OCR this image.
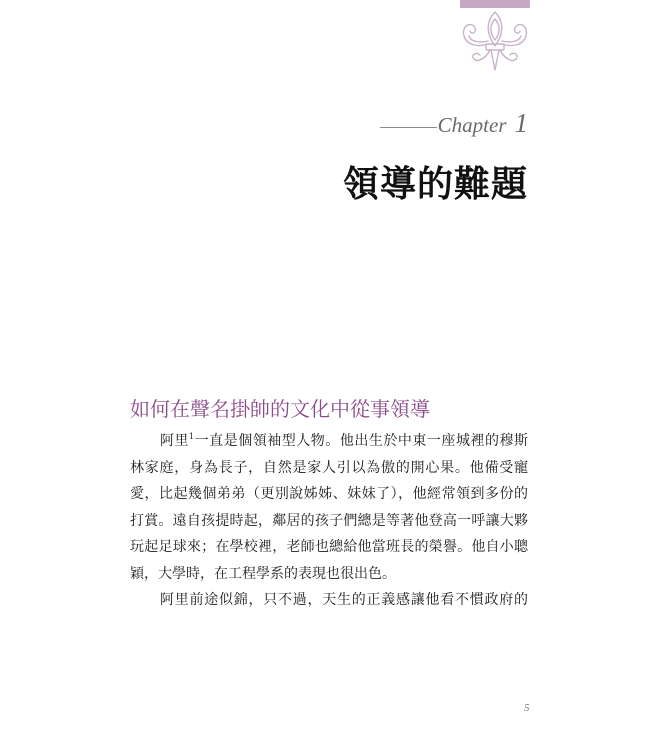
Chapter 1
領導的難題
如何在聲名掛帥的文化中從事領導
阿里$^1$一直是個領袖型人物。他出生於中東一座城裡的穆斯
林家庭，身為長子，自然是家人引以為傲的開心果。他備受寵
愛，比起幾個弟弟（更別說姊姊、妹妹了），他經常領到多份的
打賞。遠自孩提時起，鄰居的孩子們總是等著他登高一呼讓大夥
玩起足球來；在學校裡，老師也總給他當班長的榮譽。他自小聰
穎，大學時，在工程學系的表現也很出色。
阿里前途似錦，只不過，天生的正義感讓他看不慣政府的
5
